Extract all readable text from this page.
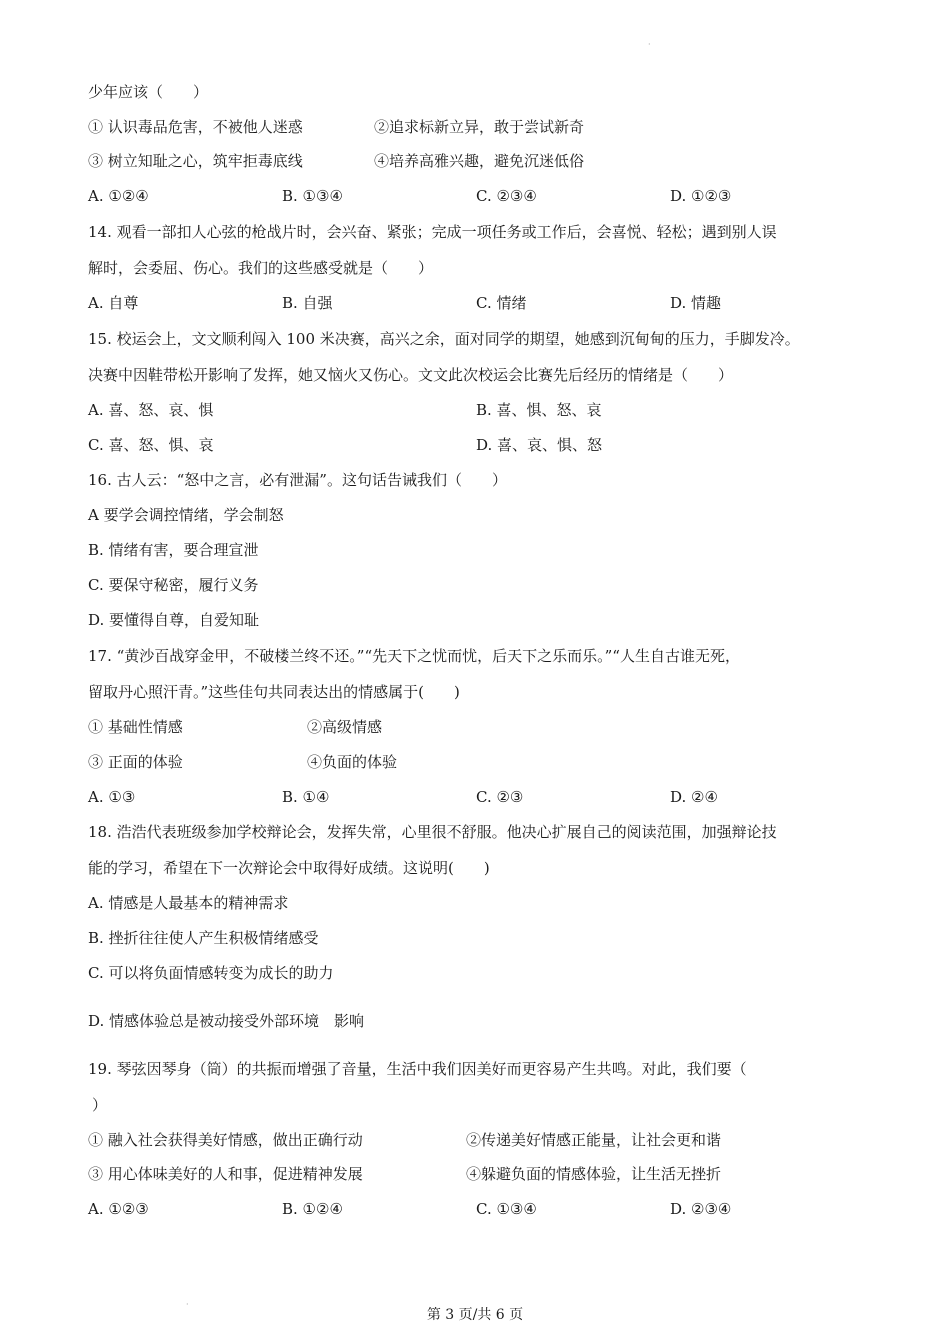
·
·
少年应该（　　）
① 认识毒品危害，不被他人迷惑	②追求标新立异，敢于尝试新奇
③ 树立知耻之心，筑牢拒毒底线	④培养高雅兴趣，避免沉迷低俗
A. ①②④	B. ①③④	C. ②③④	D. ①②③
14. 观看一部扣人心弦的枪战片时，会兴奋、紧张；完成一项任务或工作后，会喜悦、轻松；遇到别人误
解时，会委屈、伤心。我们的这些感受就是（　　）
A. 自尊	B. 自强	C. 情绪	D. 情趣
15. 校运会上，文文顺利闯入 100 米决赛，高兴之余，面对同学的期望，她感到沉甸甸的压力，手脚发冷。
决赛中因鞋带松开影响了发挥，她又恼火又伤心。文文此次校运会比赛先后经历的情绪是（　　）
A. 喜、怒、哀、惧	B. 喜、惧、怒、哀
C. 喜、怒、惧、哀	D. 喜、哀、惧、怒
16. 古人云：“怒中之言，必有泄漏”。这句话告诫我们（　　）
A 要学会调控情绪，学会制怒
B. 情绪有害，要合理宣泄
C. 要保守秘密，履行义务
D. 要懂得自尊，自爱知耻
17. “黄沙百战穿金甲，不破楼兰终不还。”“先天下之忧而忧，后天下之乐而乐。”“人生自古谁无死，
留取丹心照汗青。”这些佳句共同表达出的情感属于(　　)
① 基础性情感	②高级情感
③ 正面的体验	④负面的体验
A. ①③	B. ①④	C. ②③	D. ②④
18. 浩浩代表班级参加学校辩论会，发挥失常，心里很不舒服。他决心扩展自己的阅读范围，加强辩论技
能的学习，希望在下一次辩论会中取得好成绩。这说明(　　)
A. 情感是人最基本的精神需求
B. 挫折往往使人产生积极情绪感受
C. 可以将负面情感转变为成长的助力
D. 情感体验总是被动接受外部环境　影响
19. 琴弦因琴身（筒）的共振而增强了音量，生活中我们因美好而更容易产生共鸣。对此，我们要（
）
① 融入社会获得美好情感，做出正确行动	②传递美好情感正能量，让社会更和谐
③ 用心体味美好的人和事，促进精神发展	④躲避负面的情感体验，让生活无挫折
A. ①②③	B. ①②④	C. ①③④	D. ②③④
第 3 页/共 6 页
